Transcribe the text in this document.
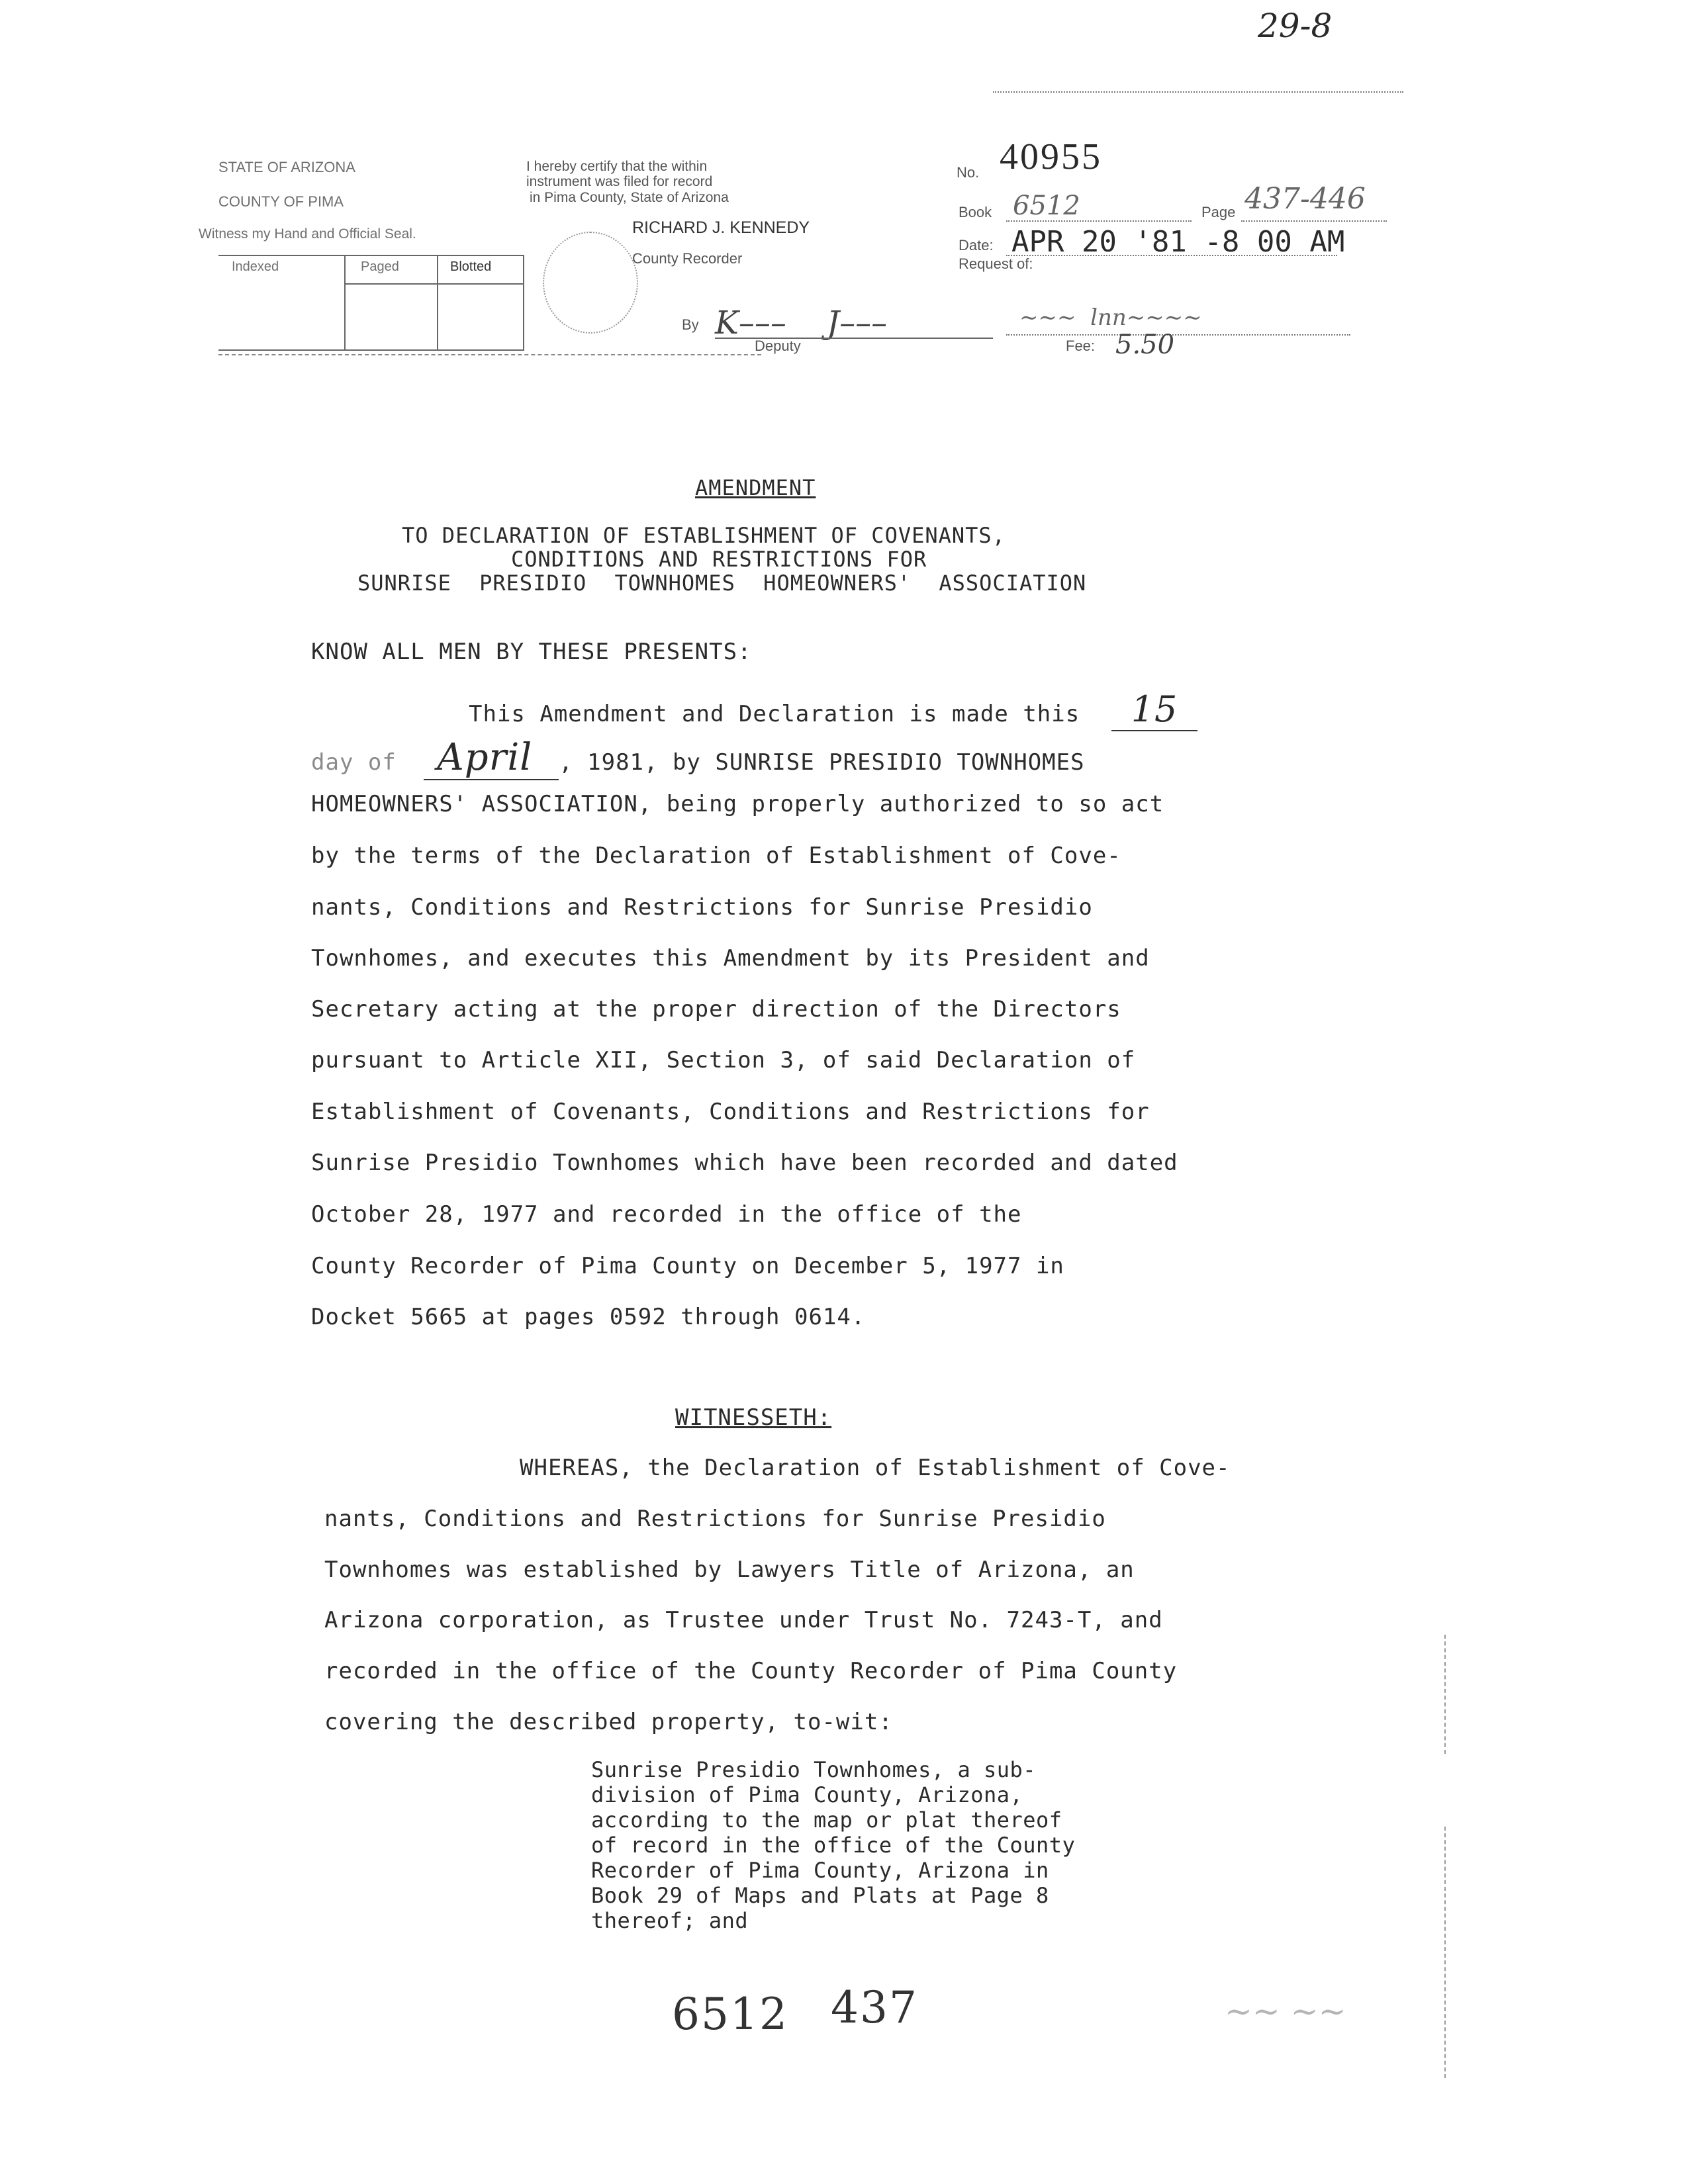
29-8
STATE OF ARIZONA
COUNTY OF PIMA
Witness my Hand and Official Seal.
Indexed	Paged	Blotted
I hereby certify that the within
instrument was filed for record
in Pima County, State of Arizona
RICHARD J. KENNEDY
County Recorder
By K–––    J–––
Deputy
No. 40955
Book 6512	Page 437-446
Date: APR 20 '81 -8 00 AM
Request of:
​∼∼∼  lnn∼∼∼∼
Fee: 5.50
AMENDMENT
TO DECLARATION OF ESTABLISHMENT OF COVENANTS,
CONDITIONS AND RESTRICTIONS FOR
SUNRISE PRESIDIO TOWNHOMES HOMEOWNERS' ASSOCIATION
KNOW ALL MEN BY THESE PRESENTS:
This Amendment and Declaration is made this 15
day of April , 1981, by SUNRISE PRESIDIO TOWNHOMES
HOMEOWNERS' ASSOCIATION, being properly authorized to so act
by the terms of the Declaration of Establishment of Cove-
nants, Conditions and Restrictions for Sunrise Presidio
Townhomes, and executes this Amendment by its President and
Secretary acting at the proper direction of the Directors
pursuant to Article XII, Section 3, of said Declaration of
Establishment of Covenants, Conditions and Restrictions for
Sunrise Presidio Townhomes which have been recorded and dated
October 28, 1977 and recorded in the office of the
County Recorder of Pima County on December 5, 1977 in
Docket 5665 at pages 0592 through 0614.
WITNESSETH:
WHEREAS, the Declaration of Establishment of Cove-
nants, Conditions and Restrictions for Sunrise Presidio
Townhomes was established by Lawyers Title of Arizona, an
Arizona corporation, as Trustee under Trust No. 7243-T, and
recorded in the office of the County Recorder of Pima County
covering the described property, to-wit:
Sunrise Presidio Townhomes, a sub-
division of Pima County, Arizona,
according to the map or plat thereof
of record in the office of the County
Recorder of Pima County, Arizona in
Book 29 of Maps and Plats at Page 8
thereof; and
6512 437	∼∼ ∼∼
